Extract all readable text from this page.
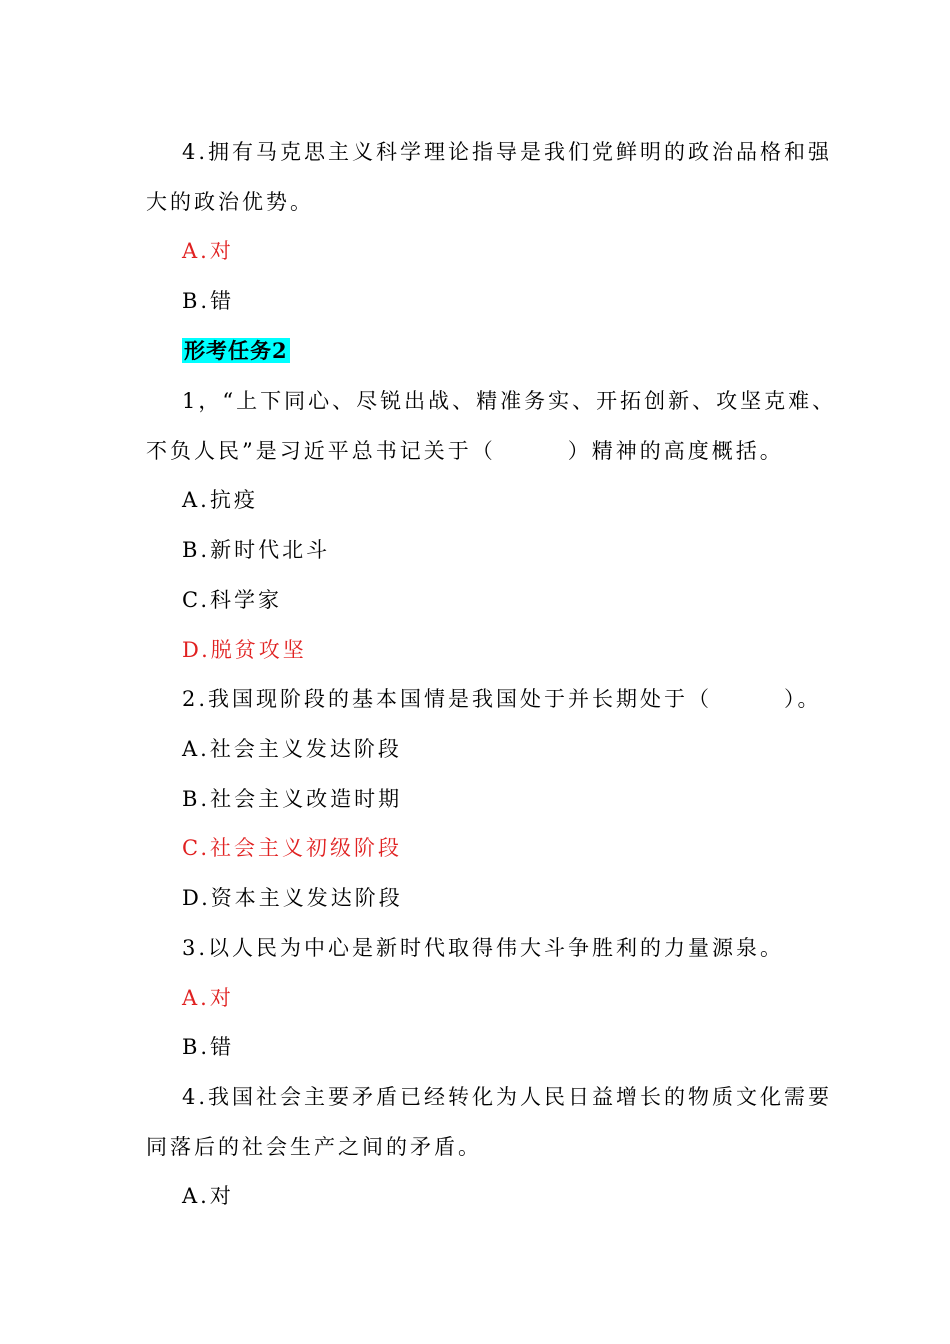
4.拥有马克思主义科学理论指导是我们党鲜明的政治品格和强
大的政治优势。
A.对
B.错
形考任务2
1，“上下同心、尽锐出战、精准务实、开拓创新、攻坚克难、
不负人民”是习近平总书记关于（　　　）精神的高度概括。
A.抗疫
B.新时代北斗
C.科学家
D.脱贫攻坚
2.我国现阶段的基本国情是我国处于并长期处于（　　　）。
A.社会主义发达阶段
B.社会主义改造时期
C.社会主义初级阶段
D.资本主义发达阶段
3.以人民为中心是新时代取得伟大斗争胜利的力量源泉。
A.对
B.错
4.我国社会主要矛盾已经转化为人民日益增长的物质文化需要
同落后的社会生产之间的矛盾。
A.对
